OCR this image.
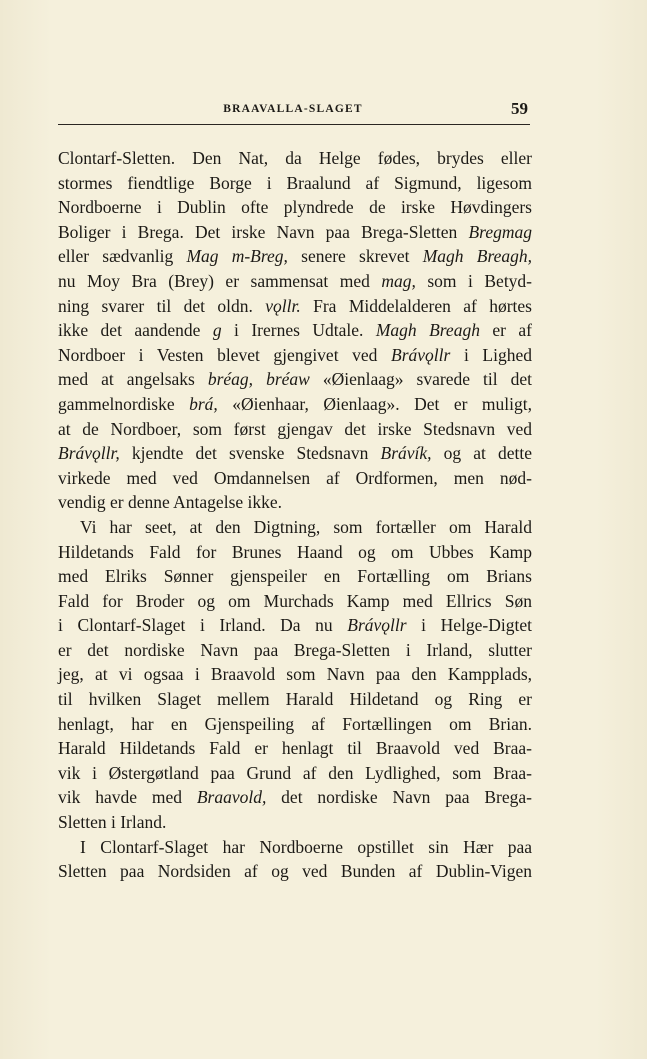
BRAAVALLA-SLAGET	59
Clontarf-Sletten. Den Nat, da Helge fødes, brydes eller
stormes fiendtlige Borge i Braalund af Sigmund, ligesom
Nordboerne i Dublin ofte plyndrede de irske Høvdingers
Boliger i Brega. Det irske Navn paa Brega-Sletten Bregmag
eller sædvanlig Mag m-Breg, senere skrevet Magh Breagh,
nu Moy Bra (Brey) er sammensat med mag, som i Betyd-
ning svarer til det oldn. vǫllr. Fra Middelalderen af hørtes
ikke det aandende g i Irernes Udtale. Magh Breagh er af
Nordboer i Vesten blevet gjengivet ved Brávǫllr i Lighed
med at angelsaks bréag, bréaw «Øienlaag» svarede til det
gammelnordiske brá, «Øienhaar, Øienlaag». Det er muligt,
at de Nordboer, som først gjengav det irske Stedsnavn ved
Brávǫllr, kjendte det svenske Stedsnavn Brávík, og at dette
virkede med ved Omdannelsen af Ordformen, men nød-
vendig er denne Antagelse ikke.
Vi har seet, at den Digtning, som fortæller om Harald
Hildetands Fald for Brunes Haand og om Ubbes Kamp
med Elriks Sønner gjenspeiler en Fortælling om Brians
Fald for Broder og om Murchads Kamp med Ellrics Søn
i Clontarf-Slaget i Irland. Da nu Brávǫllr i Helge-Digtet
er det nordiske Navn paa Brega-Sletten i Irland, slutter
jeg, at vi ogsaa i Braavold som Navn paa den Kampplads,
til hvilken Slaget mellem Harald Hildetand og Ring er
henlagt, har en Gjenspeiling af Fortællingen om Brian.
Harald Hildetands Fald er henlagt til Braavold ved Braa-
vik i Østergøtland paa Grund af den Lydlighed, som Braa-
vik havde med Braavold, det nordiske Navn paa Brega-
Sletten i Irland.
I Clontarf-Slaget har Nordboerne opstillet sin Hær paa
Sletten paa Nordsiden af og ved Bunden af Dublin-Vigen
